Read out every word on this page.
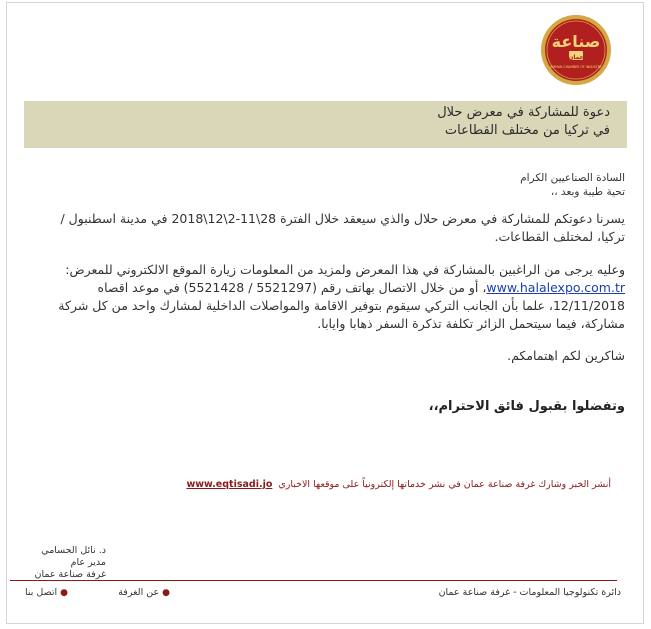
صناعة
عمان
AMMAN CHAMBER OF INDUSTRY
دعوة للمشاركة في معرض حلال
في تركيا من مختلف القطاعات
السادة الصناعيين الكرام
تحية طيبة وبعد ،،
يسرنا دعوتكم للمشاركة في معرض حلال والذي سيعقد خلال الفترة 28\11-2\12\2018 في مدينة اسطنبول / تركيا، لمختلف القطاعات.
وعليه يرجى من الراغبين بالمشاركة في هذا المعرض ولمزيد من المعلومات زيارة الموقع الالكتروني للمعرض: www.halalexpo.com.tr، أو من خلال الاتصال بهاتف رقم (5521297 / 5521428) في موعد اقصاه 12/11/2018، علما بأن الجانب التركي سيقوم بتوفير الاقامة والمواصلات الداخلية لمشارك واحد من كل شركة مشاركة، فيما سيتحمل الزائر تكلفة تذكرة السفر ذهابا وايابا.
شاكرين لكم اهتمامكم.
وتفضلوا بقبول فائق الاحترام،،
أنشر الخبر وشارك غرفة صناعة عمان في نشر خدماتها إلكترونياً على موقعها الاخباريwww.eqtisadi.jo
د. نائل الحسامي
مدير عام
غرفة صناعة عمان
دائرة تكنولوجيا المعلومات - غرفة صناعة عمان
●عن الغرفة
●اتصل بنا
